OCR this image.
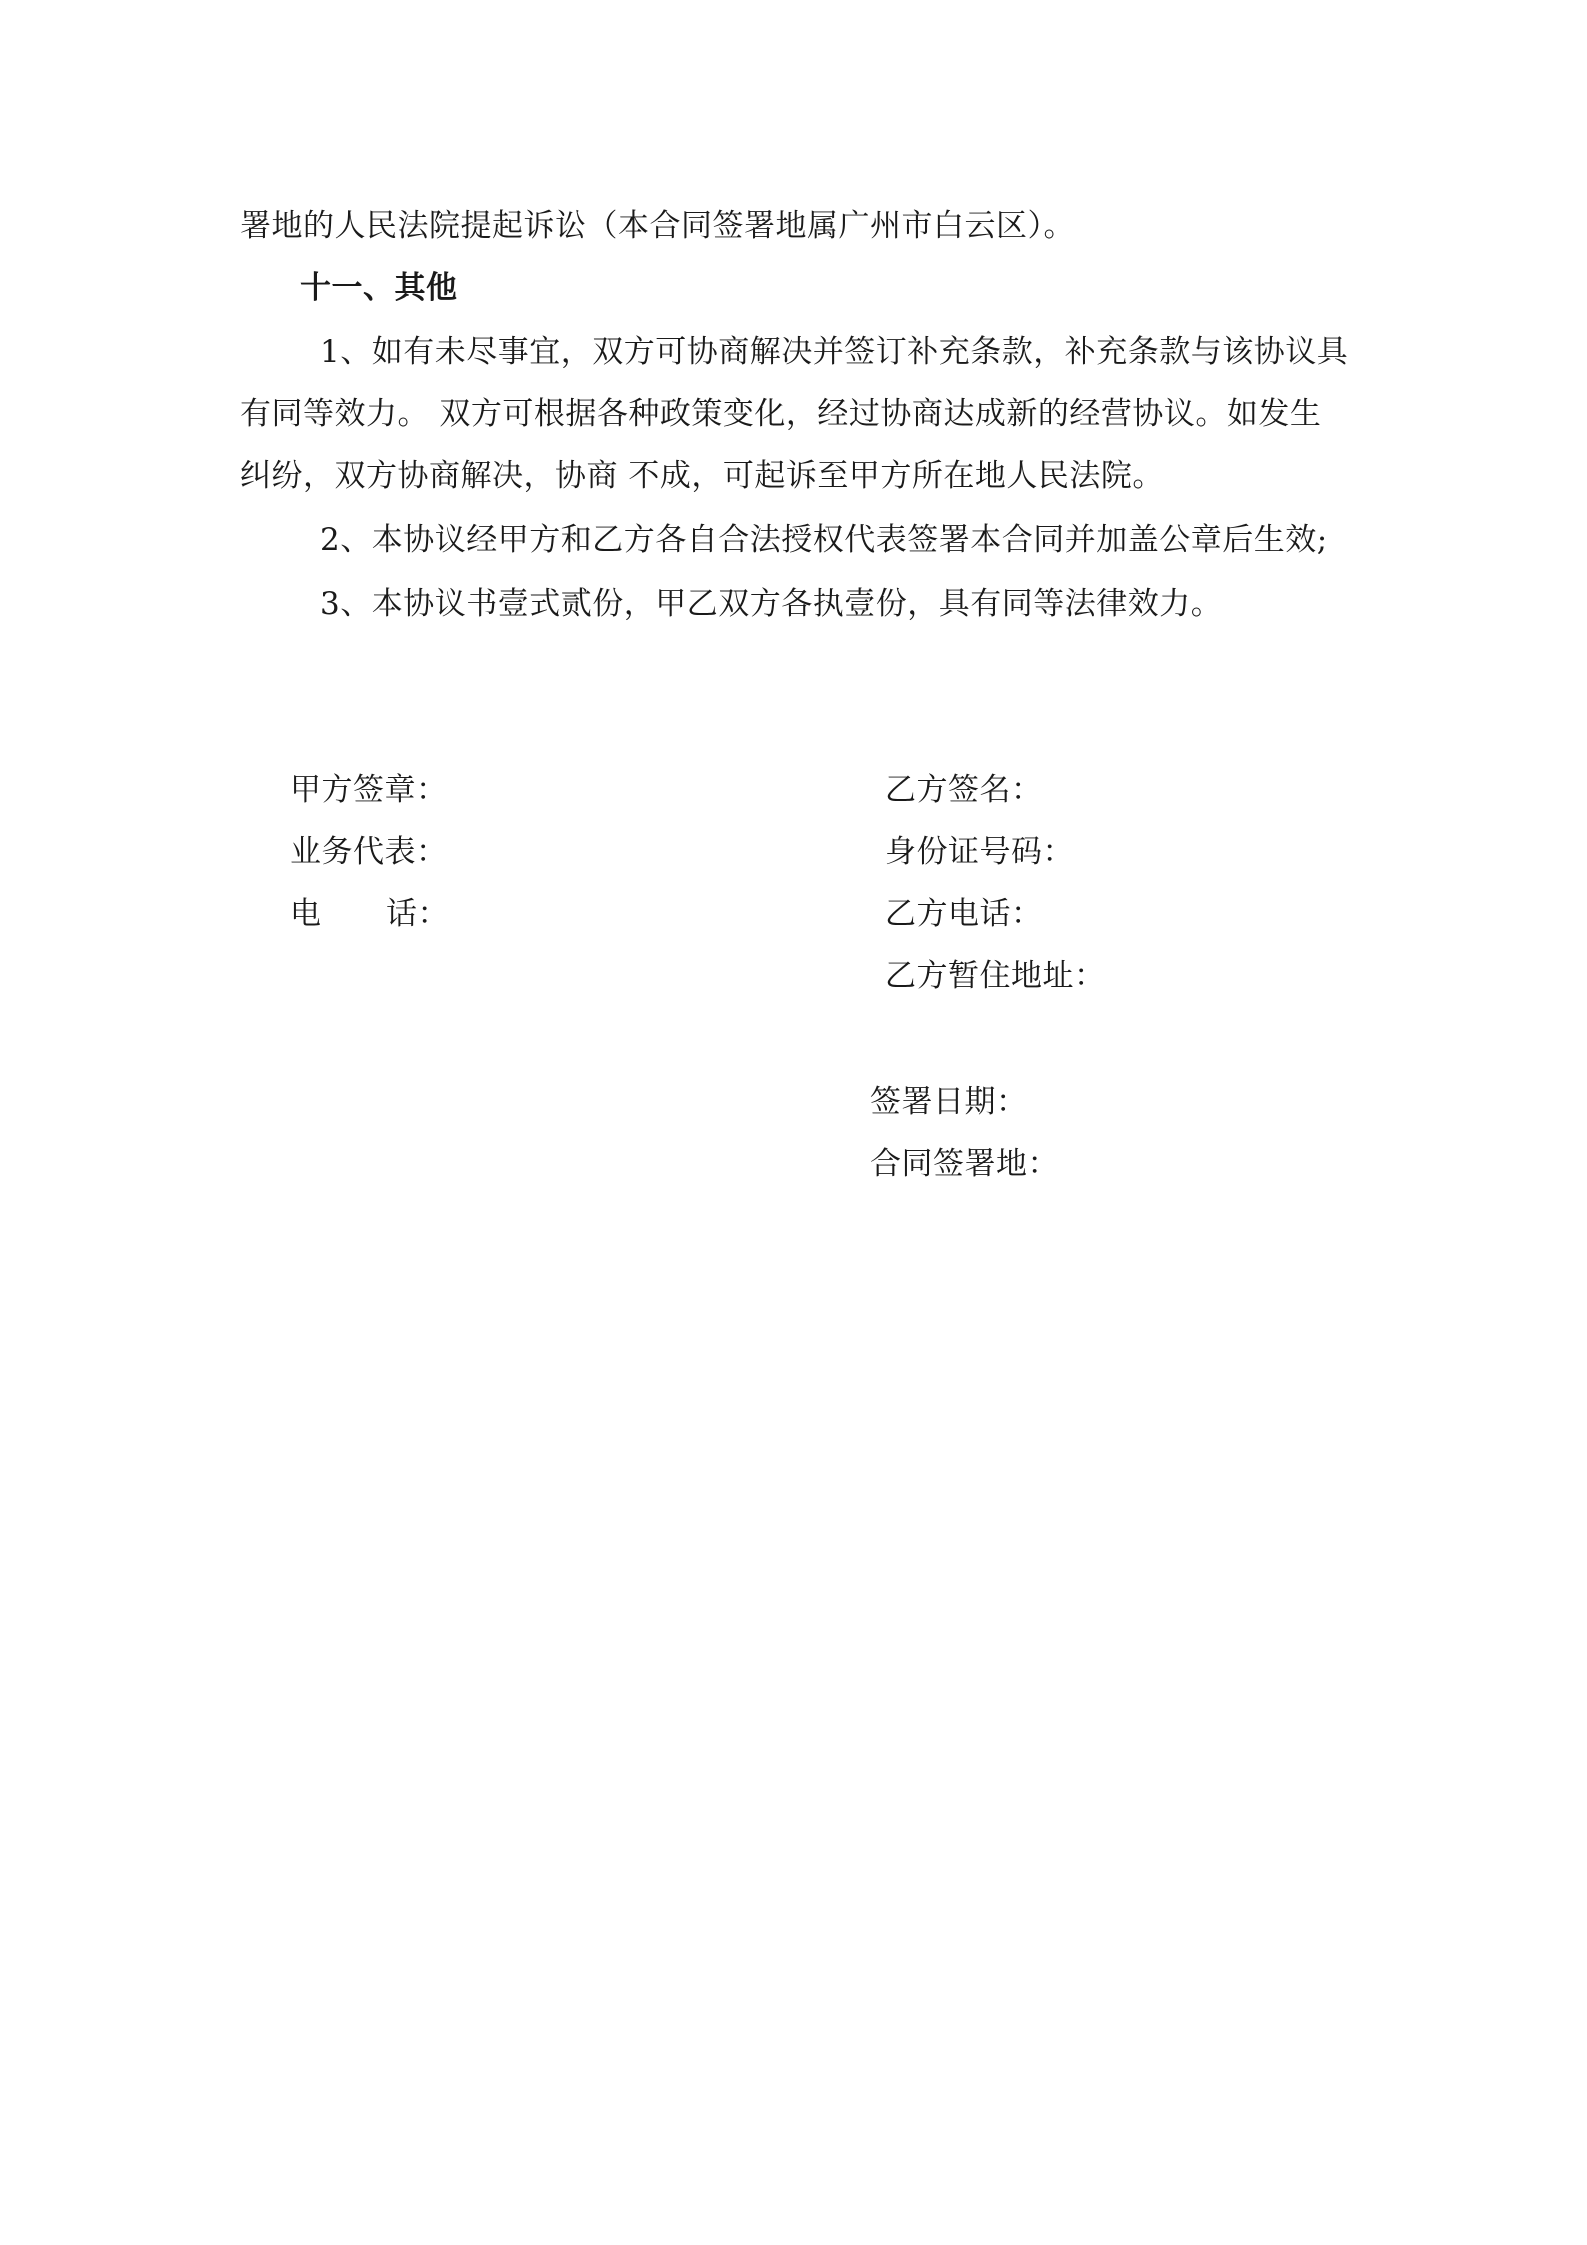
署地的人民法院提起诉讼（本合同签署地属广州市白云区）。
十一、其他
1、如有未尽事宜，双方可协商解决并签订补充条款，补充条款与该协议具
有同等效力。 双方可根据各种政策变化，经过协商达成新的经营协议。如发生
纠纷，双方协商解决，协商 不成，可起诉至甲方所在地人民法院。
2、本协议经甲方和乙方各自合法授权代表签署本合同并加盖公章后生效;
3、本协议书壹式贰份，甲乙双方各执壹份，具有同等法律效力。
甲方签章：
业务代表：
电 话：
乙方签名：
身份证号码：
乙方电话：
乙方暂住地址：
签署日期：
合同签署地：
